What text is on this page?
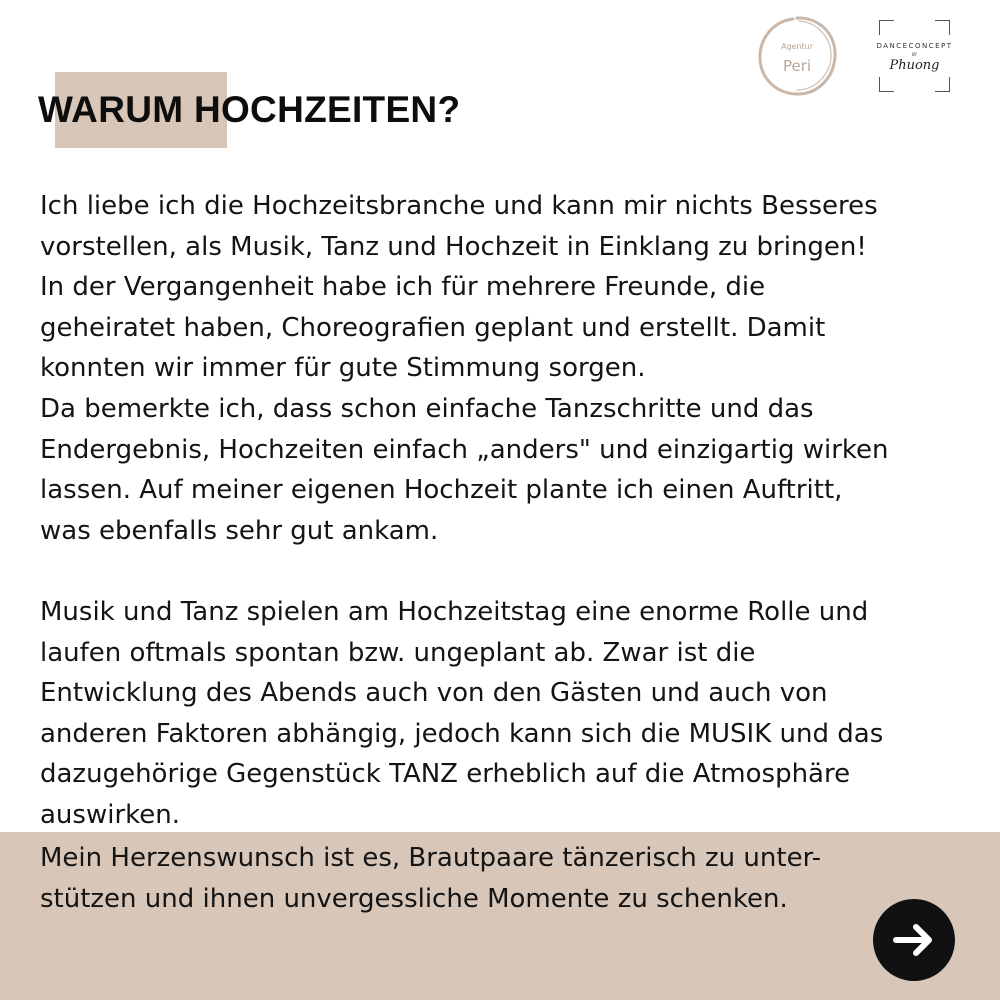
Agentur
Peri
DANCECONCEPT
BY
Phuong
WARUM HOCHZEITEN?
Ich liebe ich die Hochzeitsbranche und kann mir nichts Besseres
vorstellen, als Musik, Tanz und Hochzeit in Einklang zu bringen!
In der Vergangenheit habe ich für mehrere Freunde, die
geheiratet haben, Choreografien geplant und erstellt. Damit
konnten wir immer für gute Stimmung sorgen.
Da bemerkte ich, dass schon einfache Tanzschritte und das
Endergebnis, Hochzeiten einfach „anders" und einzigartig wirken
lassen. Auf meiner eigenen Hochzeit plante ich einen Auftritt,
was ebenfalls sehr gut ankam.
Musik und Tanz spielen am Hochzeitstag eine enorme Rolle und
laufen oftmals spontan bzw. ungeplant ab. Zwar ist die
Entwicklung des Abends auch von den Gästen und auch von
anderen Faktoren abhängig, jedoch kann sich die MUSIK und das
dazugehörige Gegenstück TANZ erheblich auf die Atmosphäre
auswirken.
Mein Herzenswunsch ist es, Brautpaare tänzerisch zu unter-
stützen und ihnen unvergessliche Momente zu schenken.
